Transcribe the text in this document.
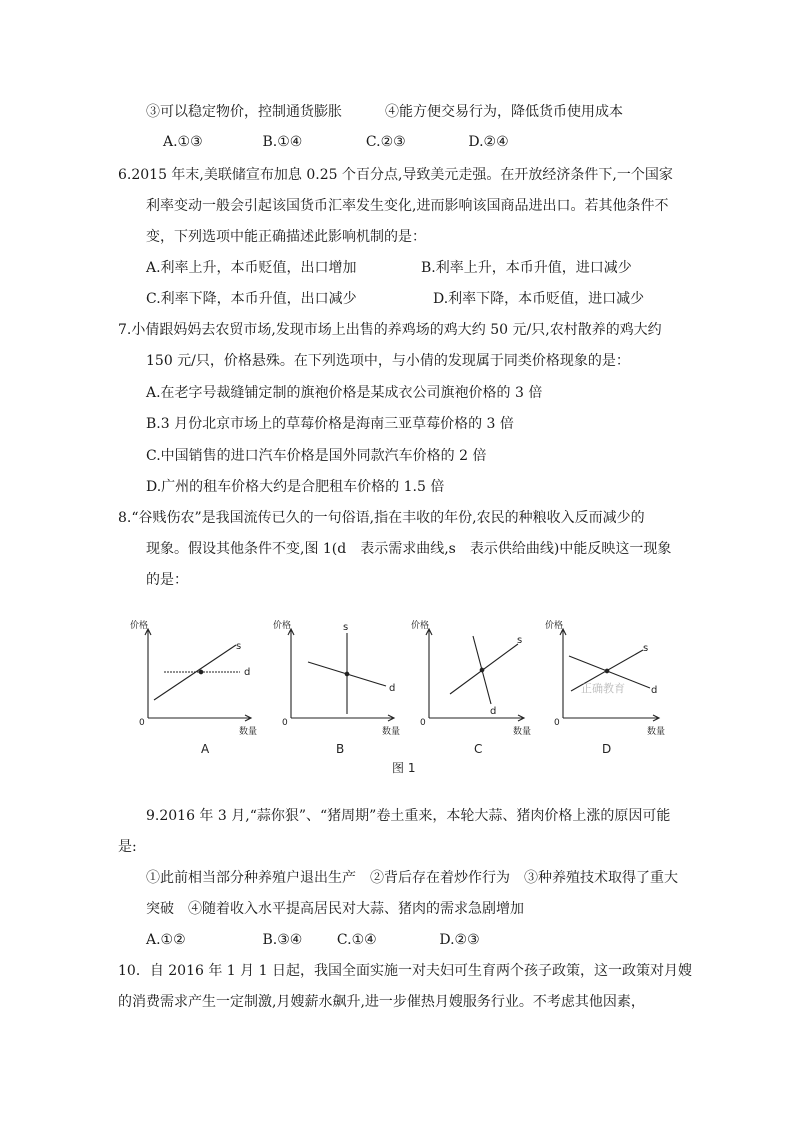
③可以稳定物价，控制通货膨胀	④能方便交易行为，降低货币使用成本
A.①③	B.①④	C.②③	D.②④
6.2015 年末,美联储宣布加息 0.25 个百分点,导致美元走强。在开放经济条件下,一个国家
利率变动一般会引起该国货币汇率发生变化,进而影响该国商品进出口。若其他条件不
变，下列选项中能正确描述此影响机制的是：
A.利率上升，本币贬值，出口增加	B.利率上升，本币升值，进口减少
C.利率下降，本币升值，出口减少	D.利率下降，本币贬值，进口减少
7.小倩跟妈妈去农贸市场,发现市场上出售的养鸡场的鸡大约 50 元/只,农村散养的鸡大约
150 元/只，价格悬殊。在下列选项中，与小倩的发现属于同类价格现象的是：
A.在老字号裁缝铺定制的旗袍价格是某成衣公司旗袍价格的 3 倍
B.3 月份北京市场上的草莓价格是海南三亚草莓价格的 3 倍
C.中国销售的进口汽车价格是国外同款汽车价格的 2 倍
D.广州的租车价格大约是合肥租车价格的 1.5 倍
8.“谷贱伤农”是我国流传已久的一句俗语,指在丰收的年份,农民的种粮收入反而减少的
现象。假设其他条件不变,图 1(d　表示需求曲线,s　表示供给曲线)中能反映这一现象
的是：
正确教育
价格
数量
0
价格
数量
0
价格
数量
0
价格
数量
0
s
d
s
d
s
d
s
d
A	B	C	D
图 1
9.2016 年 3 月,“蒜你狠”、“猪周期”卷土重来，本轮大蒜、猪肉价格上涨的原因可能
是:
①此前相当部分种养殖户退出生产　②背后存在着炒作行为　③种养殖技术取得了重大
突破　④随着收入水平提高居民对大蒜、猪肉的需求急剧增加
A.①②	B.③④ C.①④	D.②③
10．自 2016 年 1 月 1 日起，我国全面实施一对夫妇可生育两个孩子政策，这一政策对月嫂
的消费需求产生一定制激,月嫂薪水飙升,进一步催热月嫂服务行业。不考虑其他因素，
